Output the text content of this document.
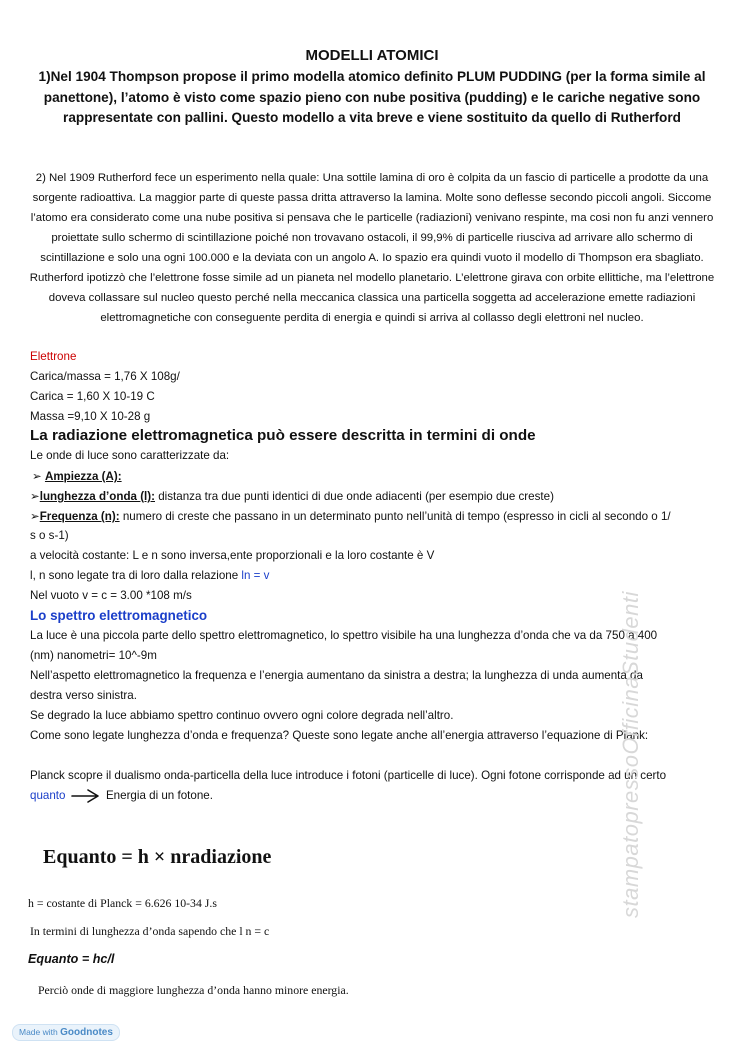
MODELLI ATOMICI
1)Nel 1904 Thompson propose il primo modella atomico definito PLUM PUDDING (per la forma simile al panettone), l’atomo è visto come spazio pieno con nube positiva (pudding) e le cariche negative sono rappresentate con pallini. Questo modello a vita breve e viene sostituito da quello di Rutherford
2) Nel 1909 Rutherford fece un esperimento nella quale: Una sottile lamina di oro è colpita da un fascio di particelle a prodotte da una sorgente radioattiva. La maggior parte di queste passa dritta attraverso la lamina. Molte sono deflesse secondo piccoli angoli. Siccome l’atomo era considerato come una nube positiva si pensava che le particelle (radiazioni) venivano respinte, ma cosi non fu anzi vennero proiettate sullo schermo di scintillazione poiché non trovavano ostacoli, il 99,9% di particelle riusciva ad arrivare allo schermo di scintillazione e solo una ogni 100.000 e la deviata con un angolo A. Io spazio era quindi vuoto il modello di Thompson era sbagliato. Rutherford ipotizzò che l’elettrone fosse simile ad un pianeta nel modello planetario. L’elettrone girava con orbite ellittiche, ma l’elettrone doveva collassare sul nucleo questo perché nella meccanica classica una particella soggetta ad accelerazione emette radiazioni elettromagnetiche con conseguente perdita di energia e quindi si arriva al collasso degli elettroni nel nucleo.
Elettrone
Carica/massa = 1,76 X 108g/
Carica = 1,60 X 10-19 C
Massa =9,10 X 10-28 g
La radiazione elettromagnetica può essere descritta in termini di onde
Le onde di luce sono caratterizzate da:
➢ Ampiezza (A):
➢lunghezza d’onda (l): distanza tra due punti identici di due onde adiacenti (per esempio due creste)
➢Frequenza (n): numero di creste che passano in un determinato punto nell’unità di tempo (espresso in cicli al secondo o 1/
s o s-1)
a velocità costante: L e n sono inversa,ente proporzionali e la loro costante è V
l, n sono legate tra di loro dalla relazione ln = v
Nel vuoto v = c = 3.00 *108 m/s
Lo spettro elettromagnetico
La luce è una piccola parte dello spettro elettromagnetico, lo spettro visibile ha una lunghezza d’onda che va da 750 a 400
(nm) nanometri= 10^-9m
Nell’aspetto elettromagnetico la frequenza e l’energia aumentano da sinistra a destra; la lunghezza di unda aumenta da
destra verso sinistra.
Se degrado la luce abbiamo spettro continuo ovvero ogni colore degrada nell’altro.
Come sono legate lunghezza d’onda e frequenza? Queste sono legate anche all’energia attraverso l’equazione di Plank:
Planck scopre il dualismo onda-particella della luce introduce i fotoni (particelle di luce). Ogni fotone corrisponde ad un certo
quanto	Energia di un fotone.
Equanto = h × nradiazione
h = costante di Planck = 6.626 10-34 J.s
In termini di lunghezza d’onda sapendo che l n = c
Equanto = hc/l
Perciò onde di maggiore lunghezza d’onda hanno minore energia.
stampatopressoOfficinaStudenti
Made with Goodnotes
